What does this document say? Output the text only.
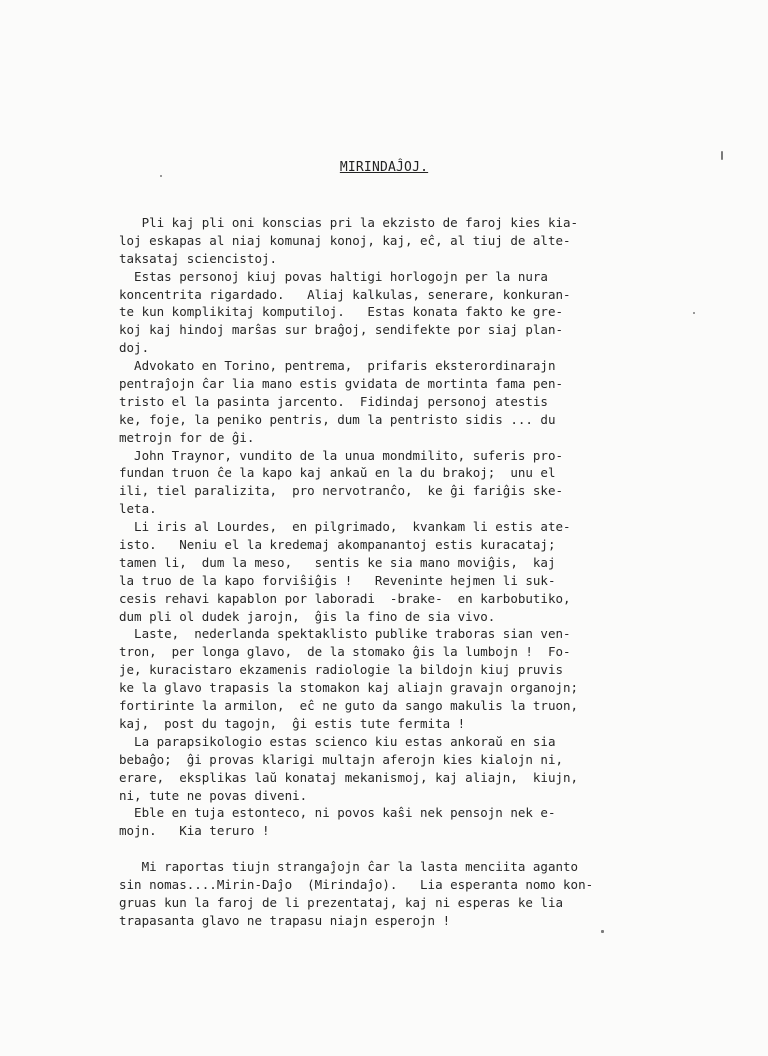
MIRINDAĴOJ.
Pli kaj pli oni konscias pri la ekzisto de faroj kies kia-
loj eskapas al niaj komunaj konoj, kaj, eĉ, al tiuj de alte-
taksataj sciencistoj.
Estas personoj kiuj povas haltigi horlogojn per la nura
koncentrita rigardado.   Aliaj kalkulas, senerare, konkuran-
te kun komplikitaj komputiloj.   Estas konata fakto ke gre-
koj kaj hindoj marŝas sur braĝoj, sendifekte por siaj plan-
doj.
Advokato en Torino, pentrema,  prifaris eksterordinarajn
pentraĵojn ĉar lia mano estis gvidata de mortinta fama pen-
tristo el la pasinta jarcento.  Fidindaj personoj atestis
ke, foje, la peniko pentris, dum la pentristo sidis ... du
metrojn for de ĝi.
John Traynor, vundito de la unua mondmilito, suferis pro-
fundan truon ĉe la kapo kaj ankaŭ en la du brakoj;  unu el
ili, tiel paralizita,  pro nervotranĉo,  ke ĝi fariĝis ske-
leta.
Li iris al Lourdes,  en pilgrimado,  kvankam li estis ate-
isto.   Neniu el la kredemaj akompanantoj estis kuracataj;
tamen li,  dum la meso,   sentis ke sia mano moviĝis,  kaj
la truo de la kapo forviŝiĝis !   Reveninte hejmen li suk-
cesis rehavi kapablon por laboradi  -brake-  en karbobutiko,
dum pli ol dudek jarojn,  ĝis la fino de sia vivo.
Laste,  nederlanda spektaklisto publike traboras sian ven-
tron,  per longa glavo,  de la stomako ĝis la lumbojn !  Fo-
je, kuracistaro ekzamenis radiologie la bildojn kiuj pruvis
ke la glavo trapasis la stomakon kaj aliajn gravajn organojn;
fortirinte la armilon,  eĉ ne guto da sango makulis la truon,
kaj,  post du tagojn,  ĝi estis tute fermita !
La parapsikologio estas scienco kiu estas ankoraŭ en sia
bebaĝo;  ĝi provas klarigi multajn aferojn kies kialojn ni,
erare,  eksplikas laŭ konataj mekanismoj, kaj aliajn,  kiujn,
ni, tute ne povas diveni.
Eble en tuja estonteco, ni povos kaŝi nek pensojn nek e-
mojn.   Kia teruro !
Mi raportas tiujn strangaĵojn ĉar la lasta menciita aganto
sin nomas....Mirin-Daĵo  (Mirindaĵo).   Lia esperanta nomo kon-
gruas kun la faroj de li prezentataj, kaj ni esperas ke lia
trapasanta glavo ne trapasu niajn esperojn !
